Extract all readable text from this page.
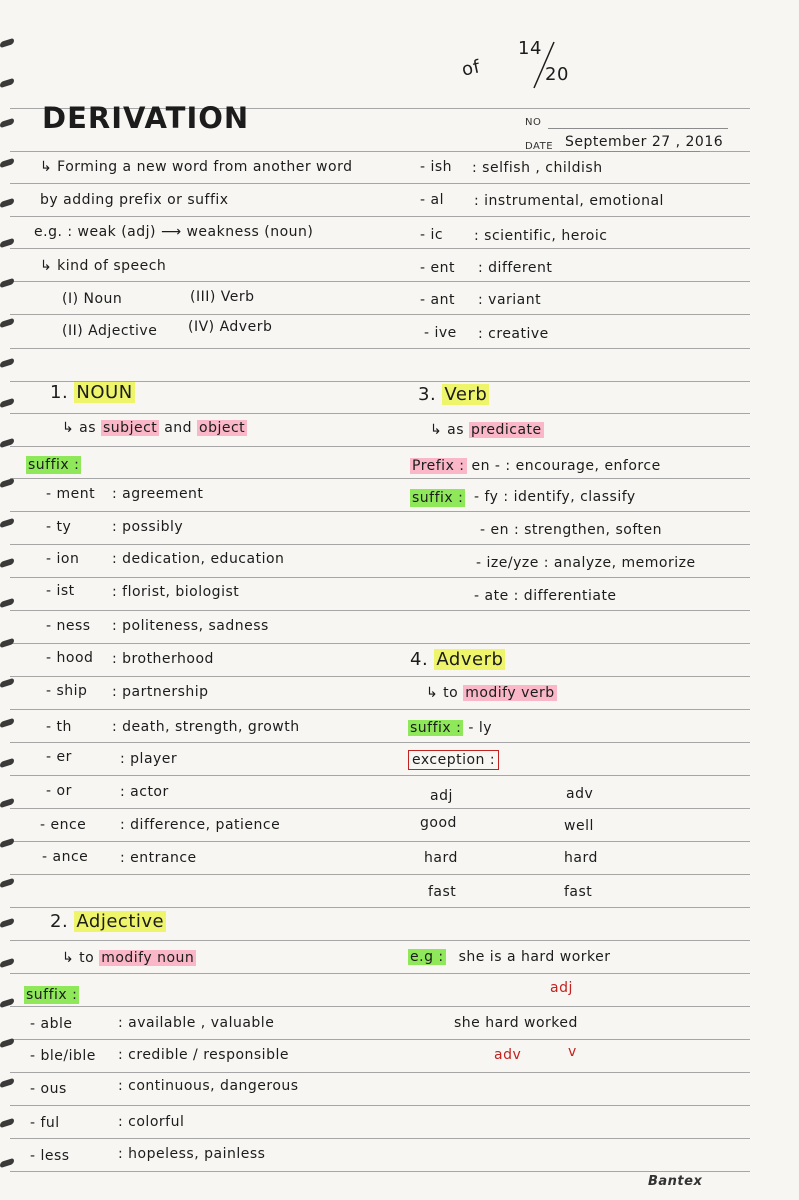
DERIVATION
of
14
20
NO
DATE September 27 , 2016
↳ Forming a new word from another word
by adding prefix or suffix
e.g. : weak (adj) ⟶ weakness (noun)
↳ kind of speech
(I) Noun
(II) Adjective
(III) Verb
(IV) Adverb
- ish : selfish , childish
- al : instrumental, emotional
- ic : scientific, heroic
- ent : different
- ant : variant
- ive : creative
1. NOUN
↳ as subject and object
suffix :
- ment : agreement
- ty	: possibly
- ion : dedication, education
- ist	: florist, biologist
- ness : politeness, sadness
- hood : brotherhood
- ship : partnership
- th	: death, strength, growth
- er	: player
- or	: actor
- ence : difference, patience
- ance : entrance
2. Adjective
↳ to modify noun
suffix :
- able	: available , valuable
- ble/ible : credible / responsible
- ous	: continuous, dangerous
- ful	: colorful
- less	: hopeless, painless
3. Verb
↳ as predicate
Prefix : en - : encourage, enforce
suffix : - fy : identify, classify
- en : strengthen, soften
- ize/yze : analyze, memorize
- ate : differentiate
4. Adverb
↳ to modify verb
suffix : - ly
exception :
adj	adv
good	well
hard	hard
fast	fast
e.g : she is a hard worker
adj
she hard worked
adv	v
Bantex
